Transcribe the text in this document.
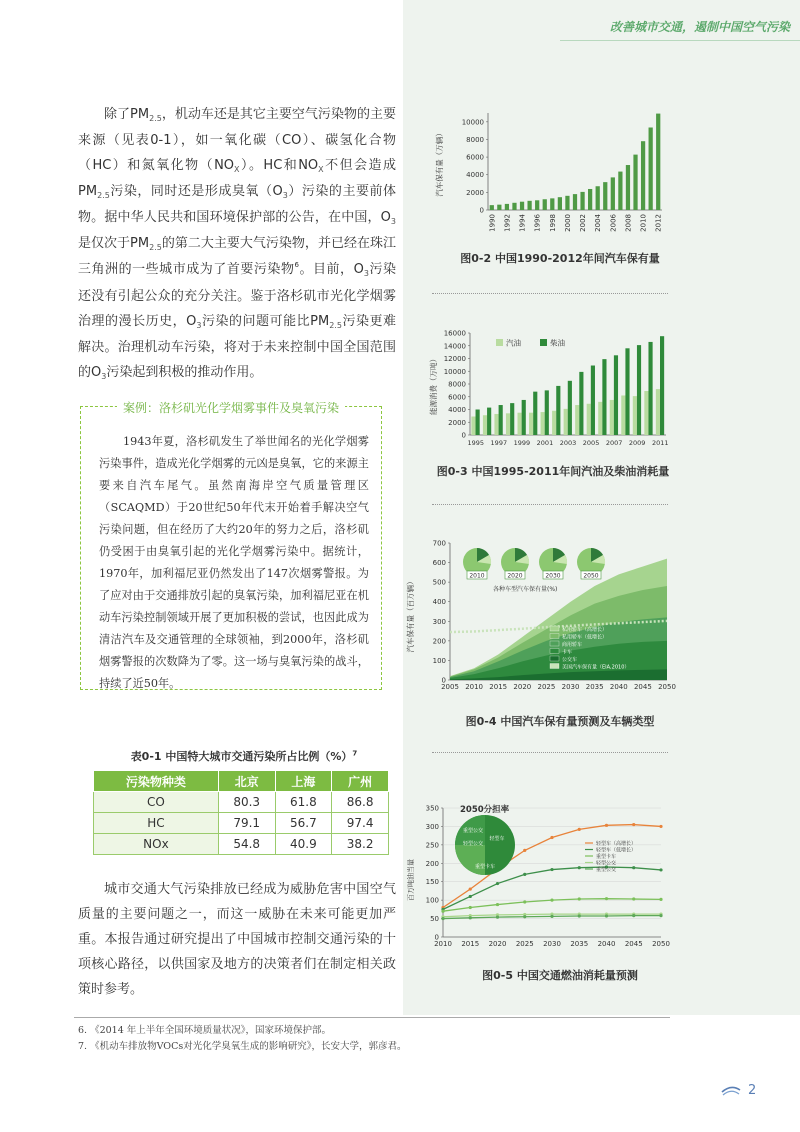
改善城市交通，遏制中国空气污染

除了$PM_{2.5}$，机动车还是其它主要空气污染物的主要来源（见表0-1），如一氧化碳（CO）、碳氢化合物（HC）和氮氧化物$(NO_X)$。HC和$NO_X$不但会造成$PM_{2.5}$污染，同时还是形成臭氧$(O_3)$污染的主要前体物。据中华人民共和国环境保护部的公告，在中国，$O_3$是仅次于$PM_{2.5}$的第二大主要大气污染物，并已经在珠江三角洲的一些城市成为了首要污染物$^6$。目前，$O_3$污染还没有引起公众的充分关注。鉴于洛杉矶市光化学烟雾治理的漫长历史，$O_3$污染的问题可能比$PM_{2.5}$污染更难解决。治理机动车污染，将对于未来控制中国全国范围的$O_3$污染起到积极的推动作用。

案例：洛杉矶光化学烟雾事件及臭氧污染

1943年夏，洛杉矶发生了举世闻名的光化学烟雾污染事件，造成光化学烟雾的元凶是臭氧，它的来源主要来自汽车尾气。虽然南海岸空气质量管理区（SCAQMD）于20世纪50年代末开始着手解决空气污染问题，但在经历了大约20年的努力之后，洛杉矶仍受困于由臭氧引起的光化学烟雾污染中。据统计，1970年，加利福尼亚仍然发出了147次烟雾警报。为了应对由于交通排放引起的臭氧污染，加利福尼亚在机动车污染控制领域开展了更加积极的尝试，也因此成为清洁汽车及交通管理的全球领袖，到2000年，洛杉矶烟雾警报的次数降为了零。这一场与臭氧污染的战斗，持续了近50年。

表0-1 中国特大城市交通污染所占比例（%）$^7$
污染物种类	北京	上海	广州
CO	80.3	61.8	86.8
HC	79.1	56.7	97.4
NOx	54.8	40.9	38.2

城市交通大气污染排放已经成为威胁危害中国空气质量的主要问题之一，而这一威胁在未来可能更加严重。本报告通过研究提出了中国城市控制交通污染的十项核心路径，以供国家及地方的决策者们在制定相关政策时参考。

0
2000
4000
6000
8000
10000
1990 1992 1994 1996 1998 2000 2002 2004 2006 2008 2010 2012
汽车保有量（万辆）
图0-2 中国1990-2012年间汽车保有量
0
2000
4000
6000
8000
10000
12000
14000
16000
1995 1997 1999 2001 2003 2005 2007 2009 2011
汽油	柴油
能源消费（万吨）
图0-3 中国1995-2011年间汽油及柴油消耗量
0
100
200
300
400
500
600
700
2005 2010 2015 2020 2025 2030 2035 2040 2045 2050
汽车保有量（百万辆）
2010	2020	2030	2050
各种车型汽车保有量(%)
私用轿车（高增长）
私用轿车（低增长）
商用轿车
卡车
公交车
美国汽车保有量（EIA,2010）
图0-4 中国汽车保有量预测及车辆类型
0
50
100
150
200
250
300
350
2010 2015 2020 2025 2030 2035 2040 2045 2050
百万吨油当量
2050分担率
重型公交
轻型公交
轻型车
重型卡车
轻型车（高增长）
轻型车（低增长）
重型卡车
轻型公交
重型公交
图0-5 中国交通燃油消耗量预测
6. 《2014 年上半年全国环境质量状况》，国家环境保护部。
7. 《机动车排放物VOCs对光化学臭氧生成的影响研究》，长安大学，郭彦君。
2
